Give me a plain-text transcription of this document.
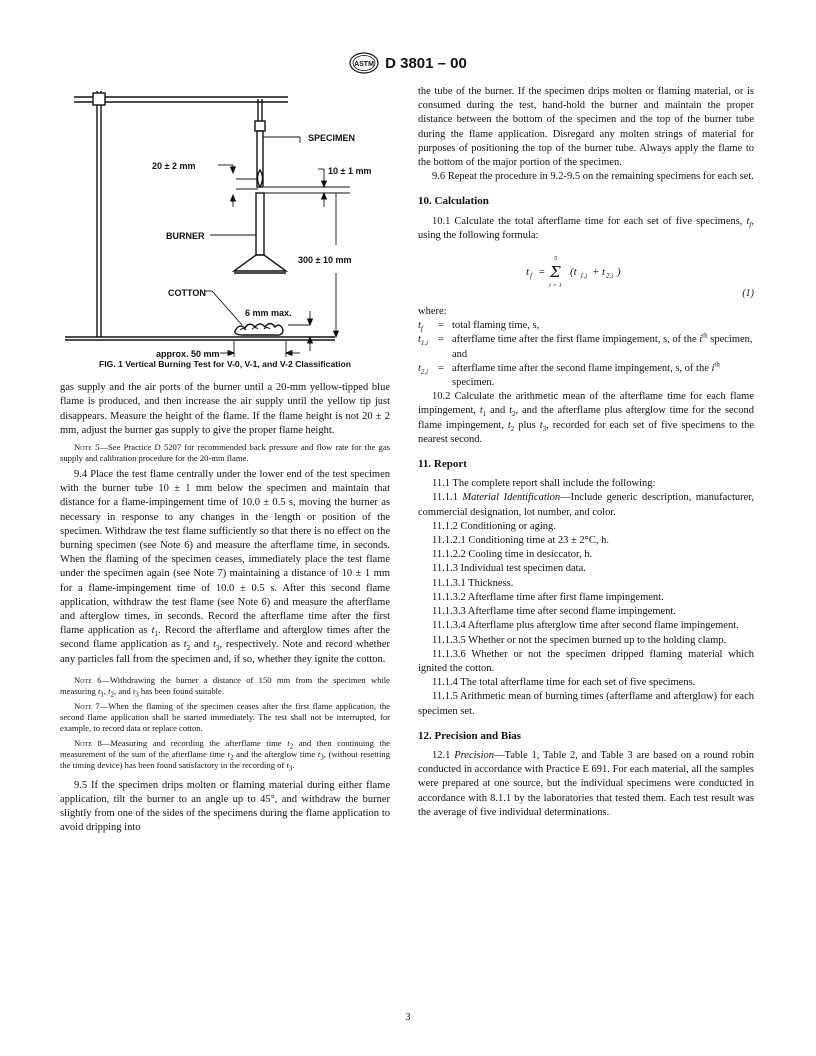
ASTM D 3801 – 00
SPECIMEN
20 ± 2 mm	10 ± 1 mm
BURNER
300 ± 10 mm
COTTON
6 mm max.
approx. 50 mm
FIG. 1 Vertical Burning Test for V-0, V-1, and V-2 Classification

gas supply and the air ports of the burner until a 20-mm yellow-tipped blue flame is produced, and then increase the air supply until the yellow tip just disappears. Measure the height of the flame. If the flame height is not 20 ± 2 mm, adjust the burner gas supply to give the proper flame height.

Note 5—See Practice D 5207 for recommended back pressure and flow rate for the gas supply and calibration procedure for the 20-mm flame.

9.4 Place the test flame centrally under the lower end of the test specimen with the burner tube 10 ± 1 mm below the specimen and maintain that distance for a flame-impingement time of 10.0 ± 0.5 s, moving the burner as necessary in response to any changes in the length or position of the specimen. Withdraw the test flame sufficiently so that there is no effect on the burning specimen (see Note 6) and measure the afterflame time, in seconds. When the flaming of the specimen ceases, immediately place the test flame under the specimen again (see Note 7) maintaining a distance of 10 ± 1 mm for a flame-impingement time of 10.0 ± 0.5 s. After this second flame application, withdraw the test flame (see Note 6) and measure the afterflame and afterglow times, in seconds. Record the afterflame time after the first flame application as $t_1$. Record the afterflame and afterglow times after the second flame application as $t_2$ and $t_3$, respectively. Note and record whether any particles fall from the specimen and, if so, whether they ignite the cotton.

Note 6—Withdrawing the burner a distance of 150 mm from the specimen while measuring $t_1$, $t_2$, and $t_3$ has been found suitable.

Note 7—When the flaming of the specimen ceases after the first flame application, the second flame application shall be started immediately. The test shall not be interrupted, for example, to record data or replace cotton.

Note 8—Measuring and recording the afterflame time $t_2$ and then continuing the measurement of the sum of the afterflame time $t_2$ and the afterglow time $t_3$, (without resetting the timing device) has been found satisfactory in the recording of $t_3$.

9.5 If the specimen drips molten or flaming material during either flame application, tilt the burner to an angle up to 45°, and withdraw the burner slightly from one of the sides of the specimens during the flame application to avoid dripping into

the tube of the burner. If the specimen drips molten or flaming material, or is consumed during the test, hand-hold the burner and maintain the proper distance between the bottom of the specimen and the top of the burner tube during the flame application. Disregard any molten strings of material for purposes of positioning the top of the burner tube. Always apply the flame to the bottom of the major portion of the specimen.

9.6 Repeat the procedure in 9.2-9.5 on the remaining specimens for each set.

10. Calculation

10.1 Calculate the total afterflame time for each set of five specimens, $t_f$, using the following formula:

t f = Σ
5
i = 1
(t 1,i + t 2,i )
(1)
where:
$t_f$	= total flaming time, s,
$t_{1,i}$ = afterflame time after the first flame impingement, s, of the $i^{th}$ specimen, and
$t_{2,i}$ = afterflame time after the second flame impingement, s, of the $i^{th}$ specimen.

10.2 Calculate the arithmetic mean of the afterflame time for each flame impingement, $t_1$ and $t_2$, and the afterflame plus afterglow time for the second flame impingement, $t_2$ plus $t_3$, recorded for each set of five specimens to the nearest second.

11. Report

11.1 The complete report shall include the following:

11.1.1 Material Identification—Include generic description, manufacturer, commercial designation, lot number, and color.

11.1.2 Conditioning or aging.

11.1.2.1 Conditioning time at 23 ± 2°C, h.

11.1.2.2 Cooling time in desiccator, h.

11.1.3 Individual test specimen data.

11.1.3.1 Thickness.

11.1.3.2 Afterflame time after first flame impingement.

11.1.3.3 Afterflame time after second flame impingement.

11.1.3.4 Afterflame plus afterglow time after second flame impingement.

11.1.3.5 Whether or not the specimen burned up to the holding clamp.

11.1.3.6 Whether or not the specimen dripped flaming material which ignited the cotton.

11.1.4 The total afterflame time for each set of five specimens.

11.1.5 Arithmetic mean of burning times (afterflame and afterglow) for each specimen set.

12. Precision and Bias

12.1 Precision—Table 1, Table 2, and Table 3 are based on a round robin conducted in accordance with Practice E 691. For each material, all the samples were prepared at one source, but the individual specimens were conducted in accordance with 8.1.1 by the laboratories that tested them. Each test result was the average of five individual determinations.

3
